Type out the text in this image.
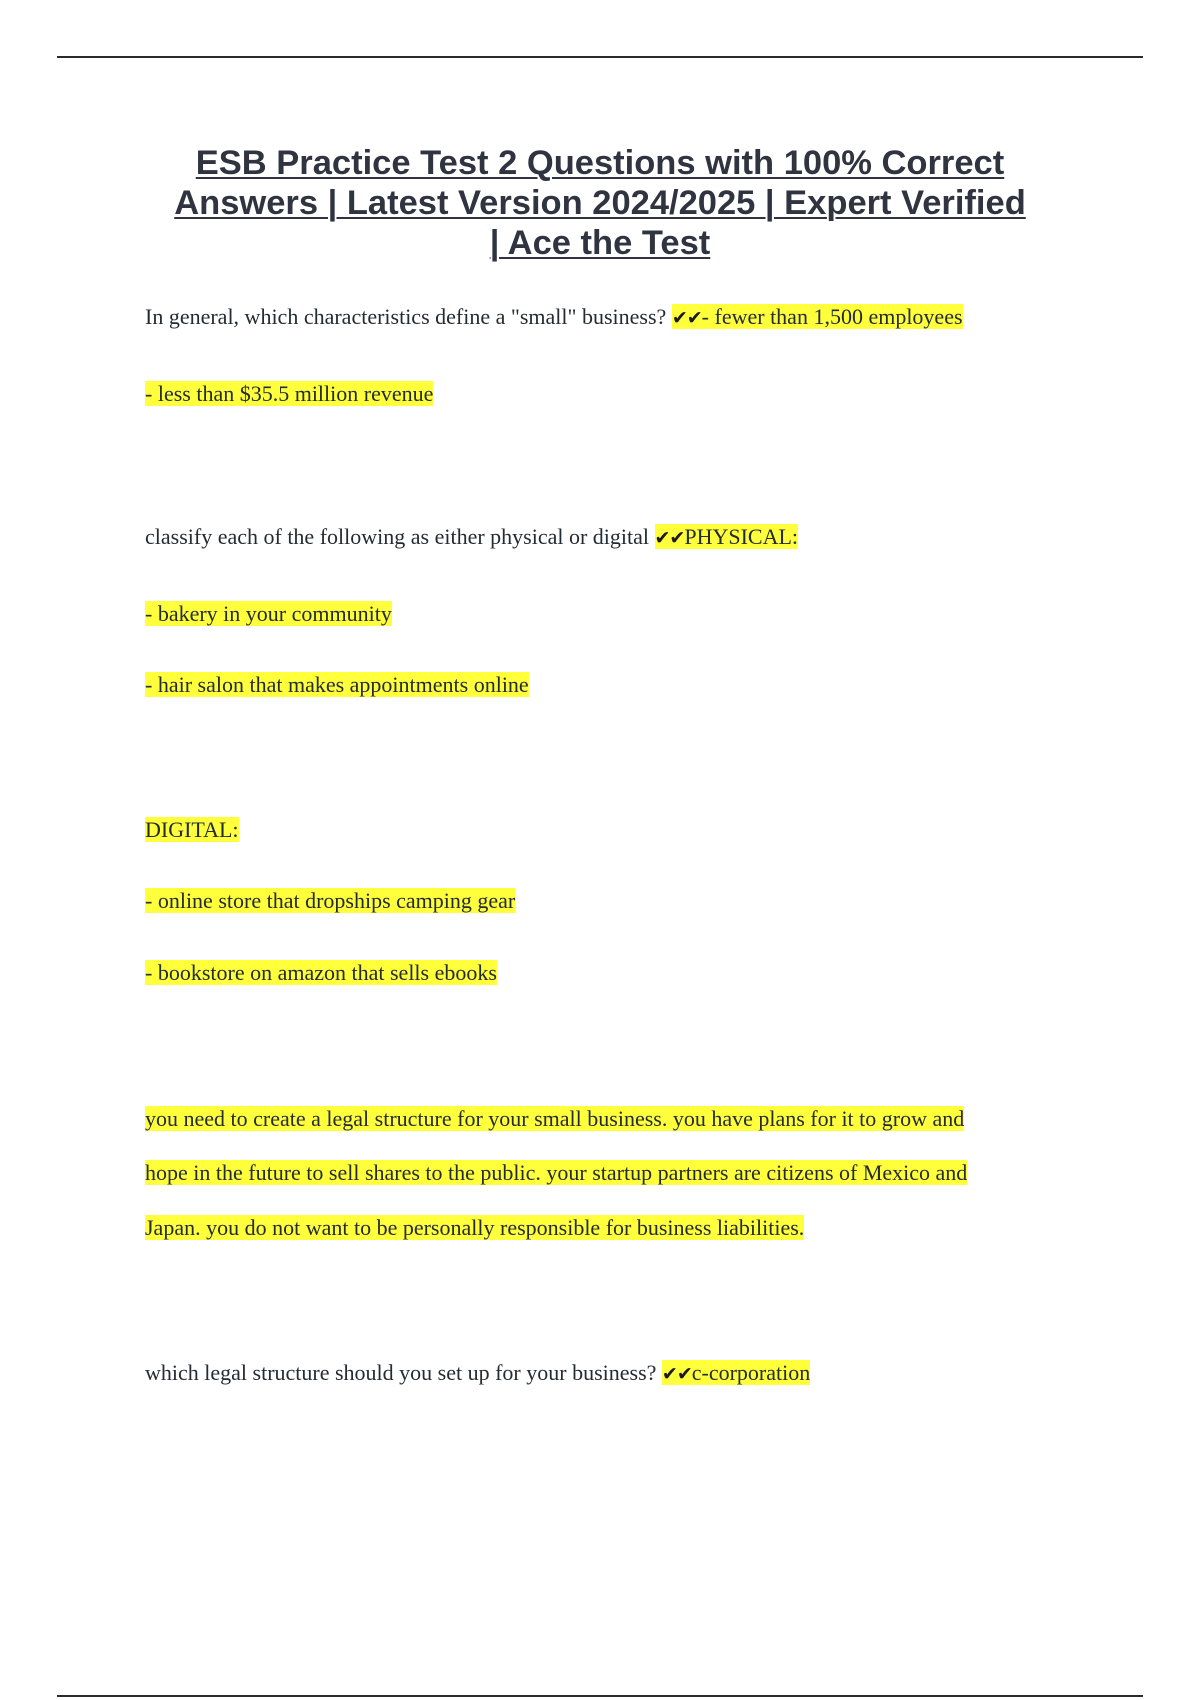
ESB Practice Test 2 Questions with 100% Correct
Answers | Latest Version 2024/2025 | Expert Verified
| Ace the Test

In general, which characteristics define a "small" business? ✔✔- fewer than 1,500 employees

- less than $35.5 million revenue

classify each of the following as either physical or digital ✔✔PHYSICAL:

- bakery in your community

- hair salon that makes appointments online

DIGITAL:

- online store that dropships camping gear

- bookstore on amazon that sells ebooks

you need to create a legal structure for your small business. you have plans for it to grow and
hope in the future to sell shares to the public. your startup partners are citizens of Mexico and
Japan. you do not want to be personally responsible for business liabilities.

which legal structure should you set up for your business? ✔✔c-corporation
